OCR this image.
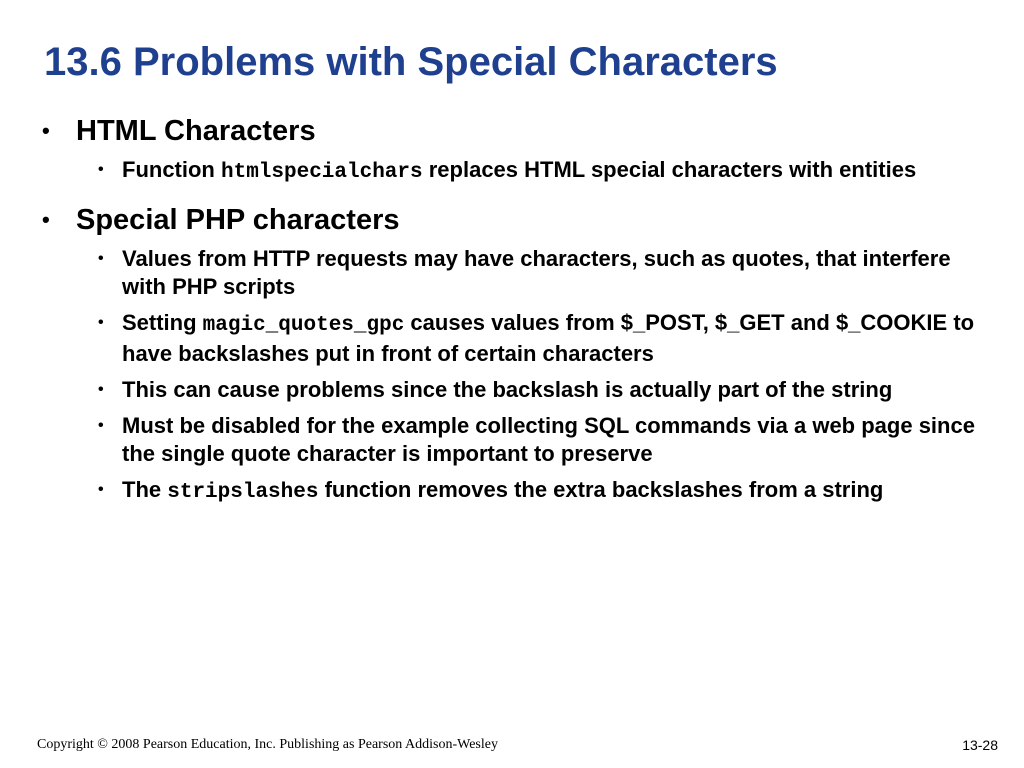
13.6 Problems with Special Characters
• HTML Characters
• Function htmlspecialchars replaces HTML special characters with entities
• Special PHP characters
• Values from HTTP requests may have characters, such as quotes, that interfere with PHP scripts
• Setting magic_quotes_gpc causes values from $_POST, $_GET and $_COOKIE to have backslashes put in front of certain characters
• This can cause problems since the backslash is actually part of the string
• Must be disabled for the example collecting SQL commands via a web page since the single quote character is important to preserve
• The stripslashes function removes the extra backslashes from a string
Copyright © 2008 Pearson Education, Inc. Publishing as Pearson Addison-Wesley	13-28
